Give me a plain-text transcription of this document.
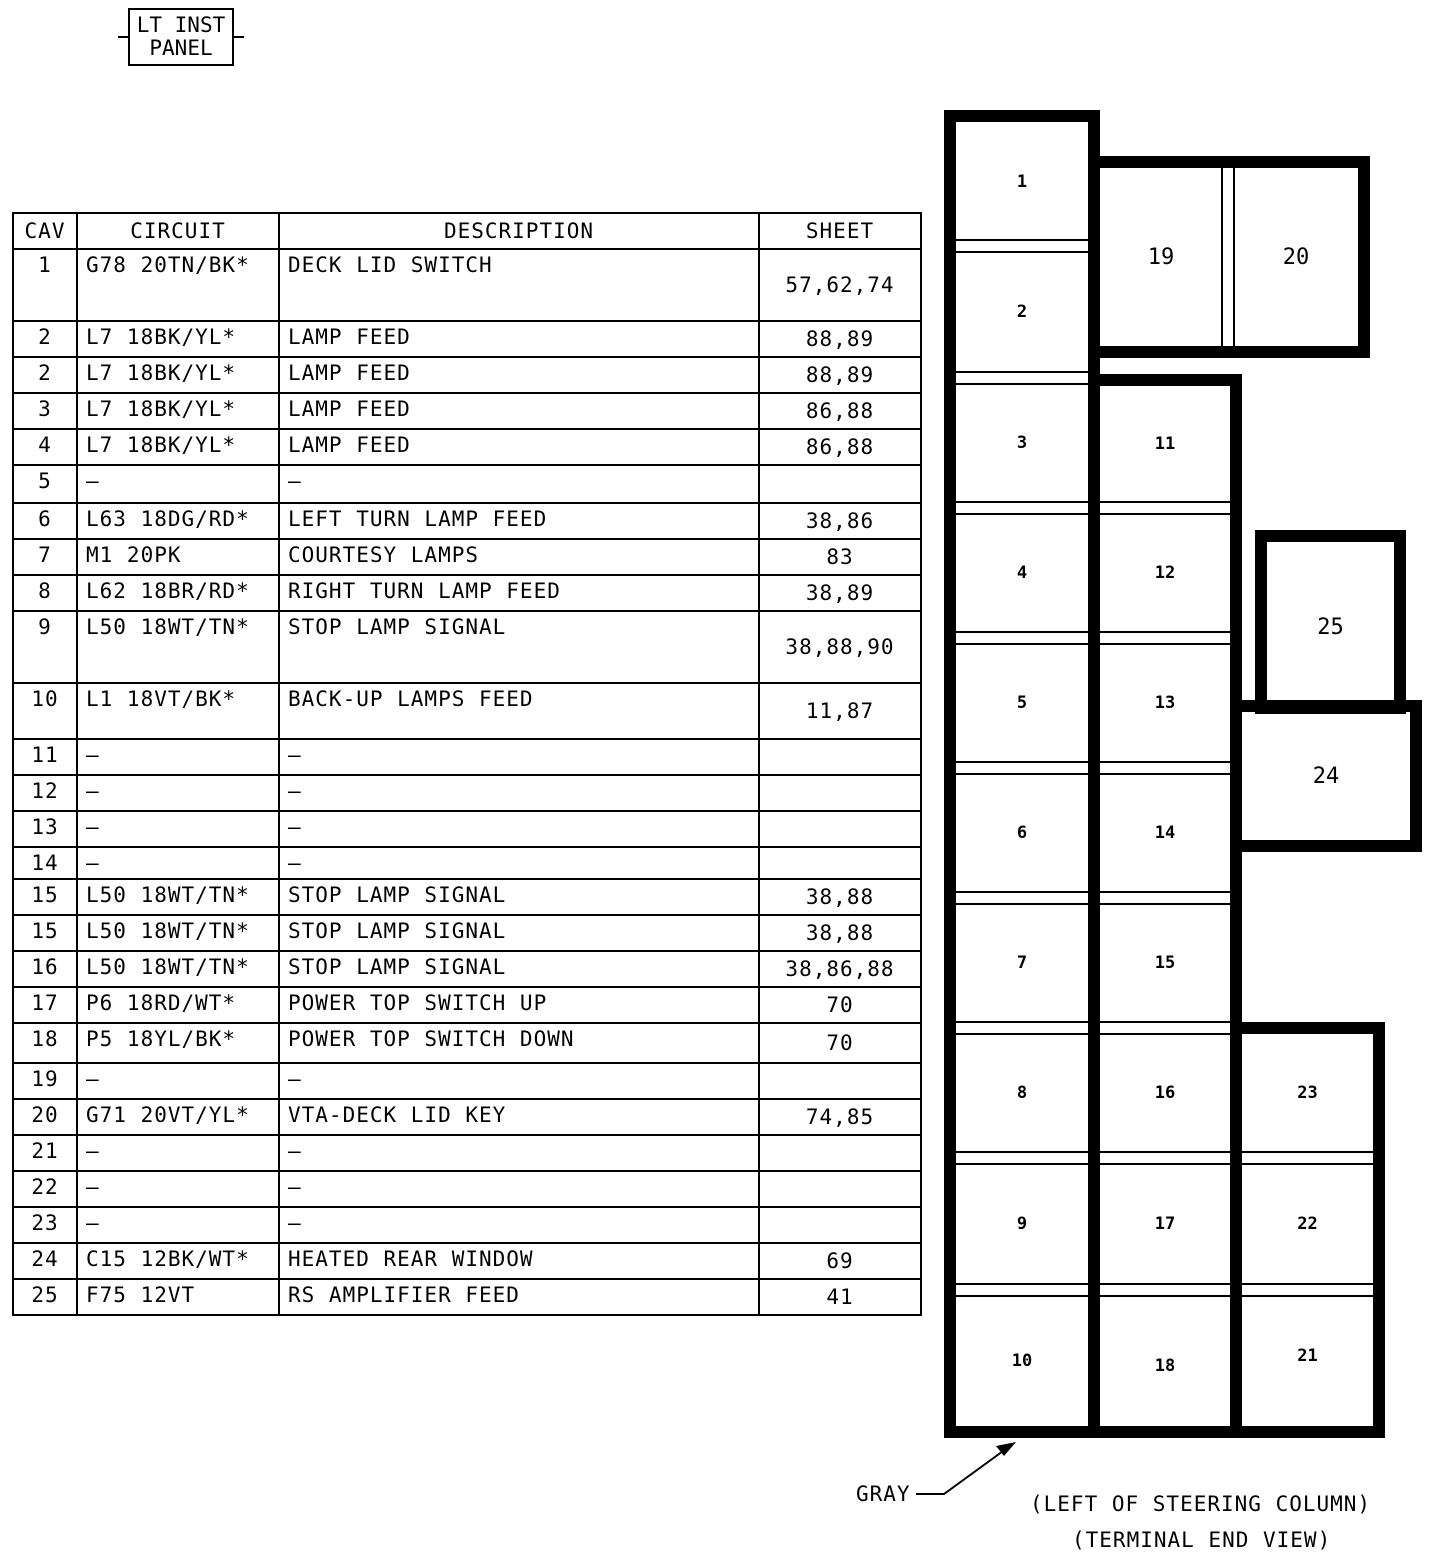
LT INST
PANEL
CAV	CIRCUIT	DESCRIPTION	SHEET
1	G78 20TN/BK*	DECK LID SWITCH	57,62,74
2	L7 18BK/YL*	LAMP FEED	88,89
2	L7 18BK/YL*	LAMP FEED	88,89
3	L7 18BK/YL*	LAMP FEED	86,88
4	L7 18BK/YL*	LAMP FEED	86,88
5	—	—	
6	L63 18DG/RD*	LEFT TURN LAMP FEED	38,86
7	M1 20PK	COURTESY LAMPS	83
8	L62 18BR/RD*	RIGHT TURN LAMP FEED	38,89
9	L50 18WT/TN*	STOP LAMP SIGNAL	38,88,90
10	L1 18VT/BK*	BACK-UP LAMPS FEED	11,87
11	—	—	
12	—	—	
13	—	—	
14	—	—	
15	L50 18WT/TN*	STOP LAMP SIGNAL	38,88
15	L50 18WT/TN*	STOP LAMP SIGNAL	38,88
16	L50 18WT/TN*	STOP LAMP SIGNAL	38,86,88
17	P6 18RD/WT*	POWER TOP SWITCH UP	70
18	P5 18YL/BK*	POWER TOP SWITCH DOWN	70
19	—	—	
20	G71 20VT/YL*	VTA-DECK LID KEY	74,85
21	—	—	
22	—	—	
23	—	—	
24	C15 12BK/WT*	HEATED REAR WINDOW	69
25	F75 12VT	RS AMPLIFIER FEED	41
1
2
3
4
5
6
7
8
9
10
11
12
13
14
15
16
17
18
19	20
21
22
23
24
25
GRAY	(LEFT OF STEERING COLUMN)
(TERMINAL END VIEW)
